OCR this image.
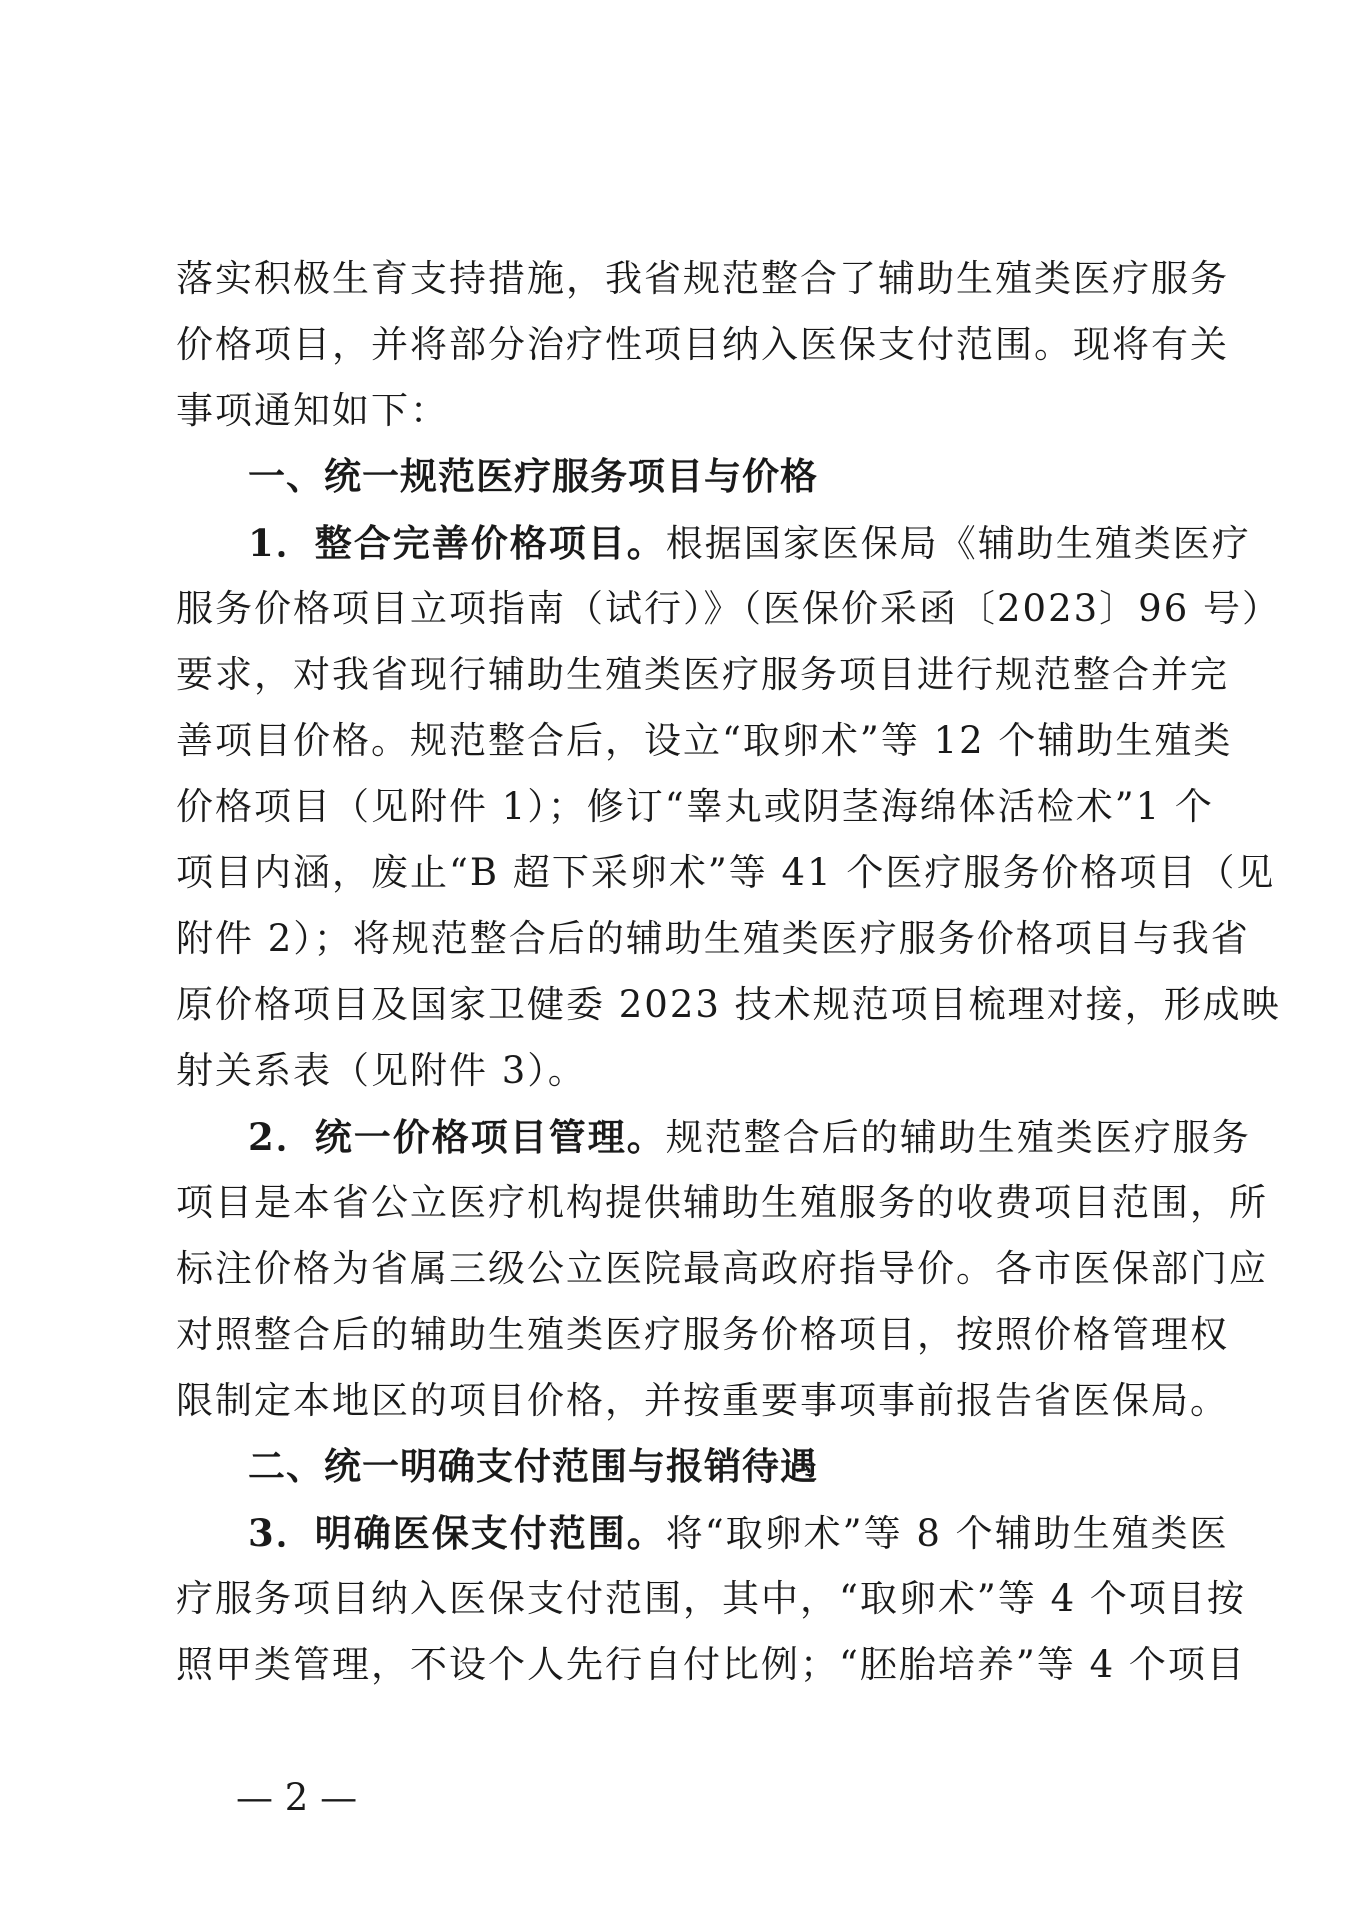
落实积极生育支持措施，我省规范整合了辅助生殖类医疗服务
价格项目，并将部分治疗性项目纳入医保支付范围。现将有关
事项通知如下：
一、统一规范医疗服务项目与价格
1．整合完善价格项目。根据国家医保局《辅助生殖类医疗
服务价格项目立项指南（试行）》（医保价采函〔2023〕96 号）
要求，对我省现行辅助生殖类医疗服务项目进行规范整合并完
善项目价格。规范整合后，设立“取卵术”等 12 个辅助生殖类
价格项目（见附件 1）；修订“睾丸或阴茎海绵体活检术”1 个
项目内涵，废止“B 超下采卵术”等 41 个医疗服务价格项目（见
附件 2）；将规范整合后的辅助生殖类医疗服务价格项目与我省
原价格项目及国家卫健委 2023 技术规范项目梳理对接，形成映
射关系表（见附件 3）。
2．统一价格项目管理。规范整合后的辅助生殖类医疗服务
项目是本省公立医疗机构提供辅助生殖服务的收费项目范围，所
标注价格为省属三级公立医院最高政府指导价。各市医保部门应
对照整合后的辅助生殖类医疗服务价格项目，按照价格管理权
限制定本地区的项目价格，并按重要事项事前报告省医保局。
二、统一明确支付范围与报销待遇
3．明确医保支付范围。将“取卵术”等 8 个辅助生殖类医
疗服务项目纳入医保支付范围，其中，“取卵术”等 4 个项目按
照甲类管理，不设个人先行自付比例；“胚胎培养”等 4 个项目
— 2 —
